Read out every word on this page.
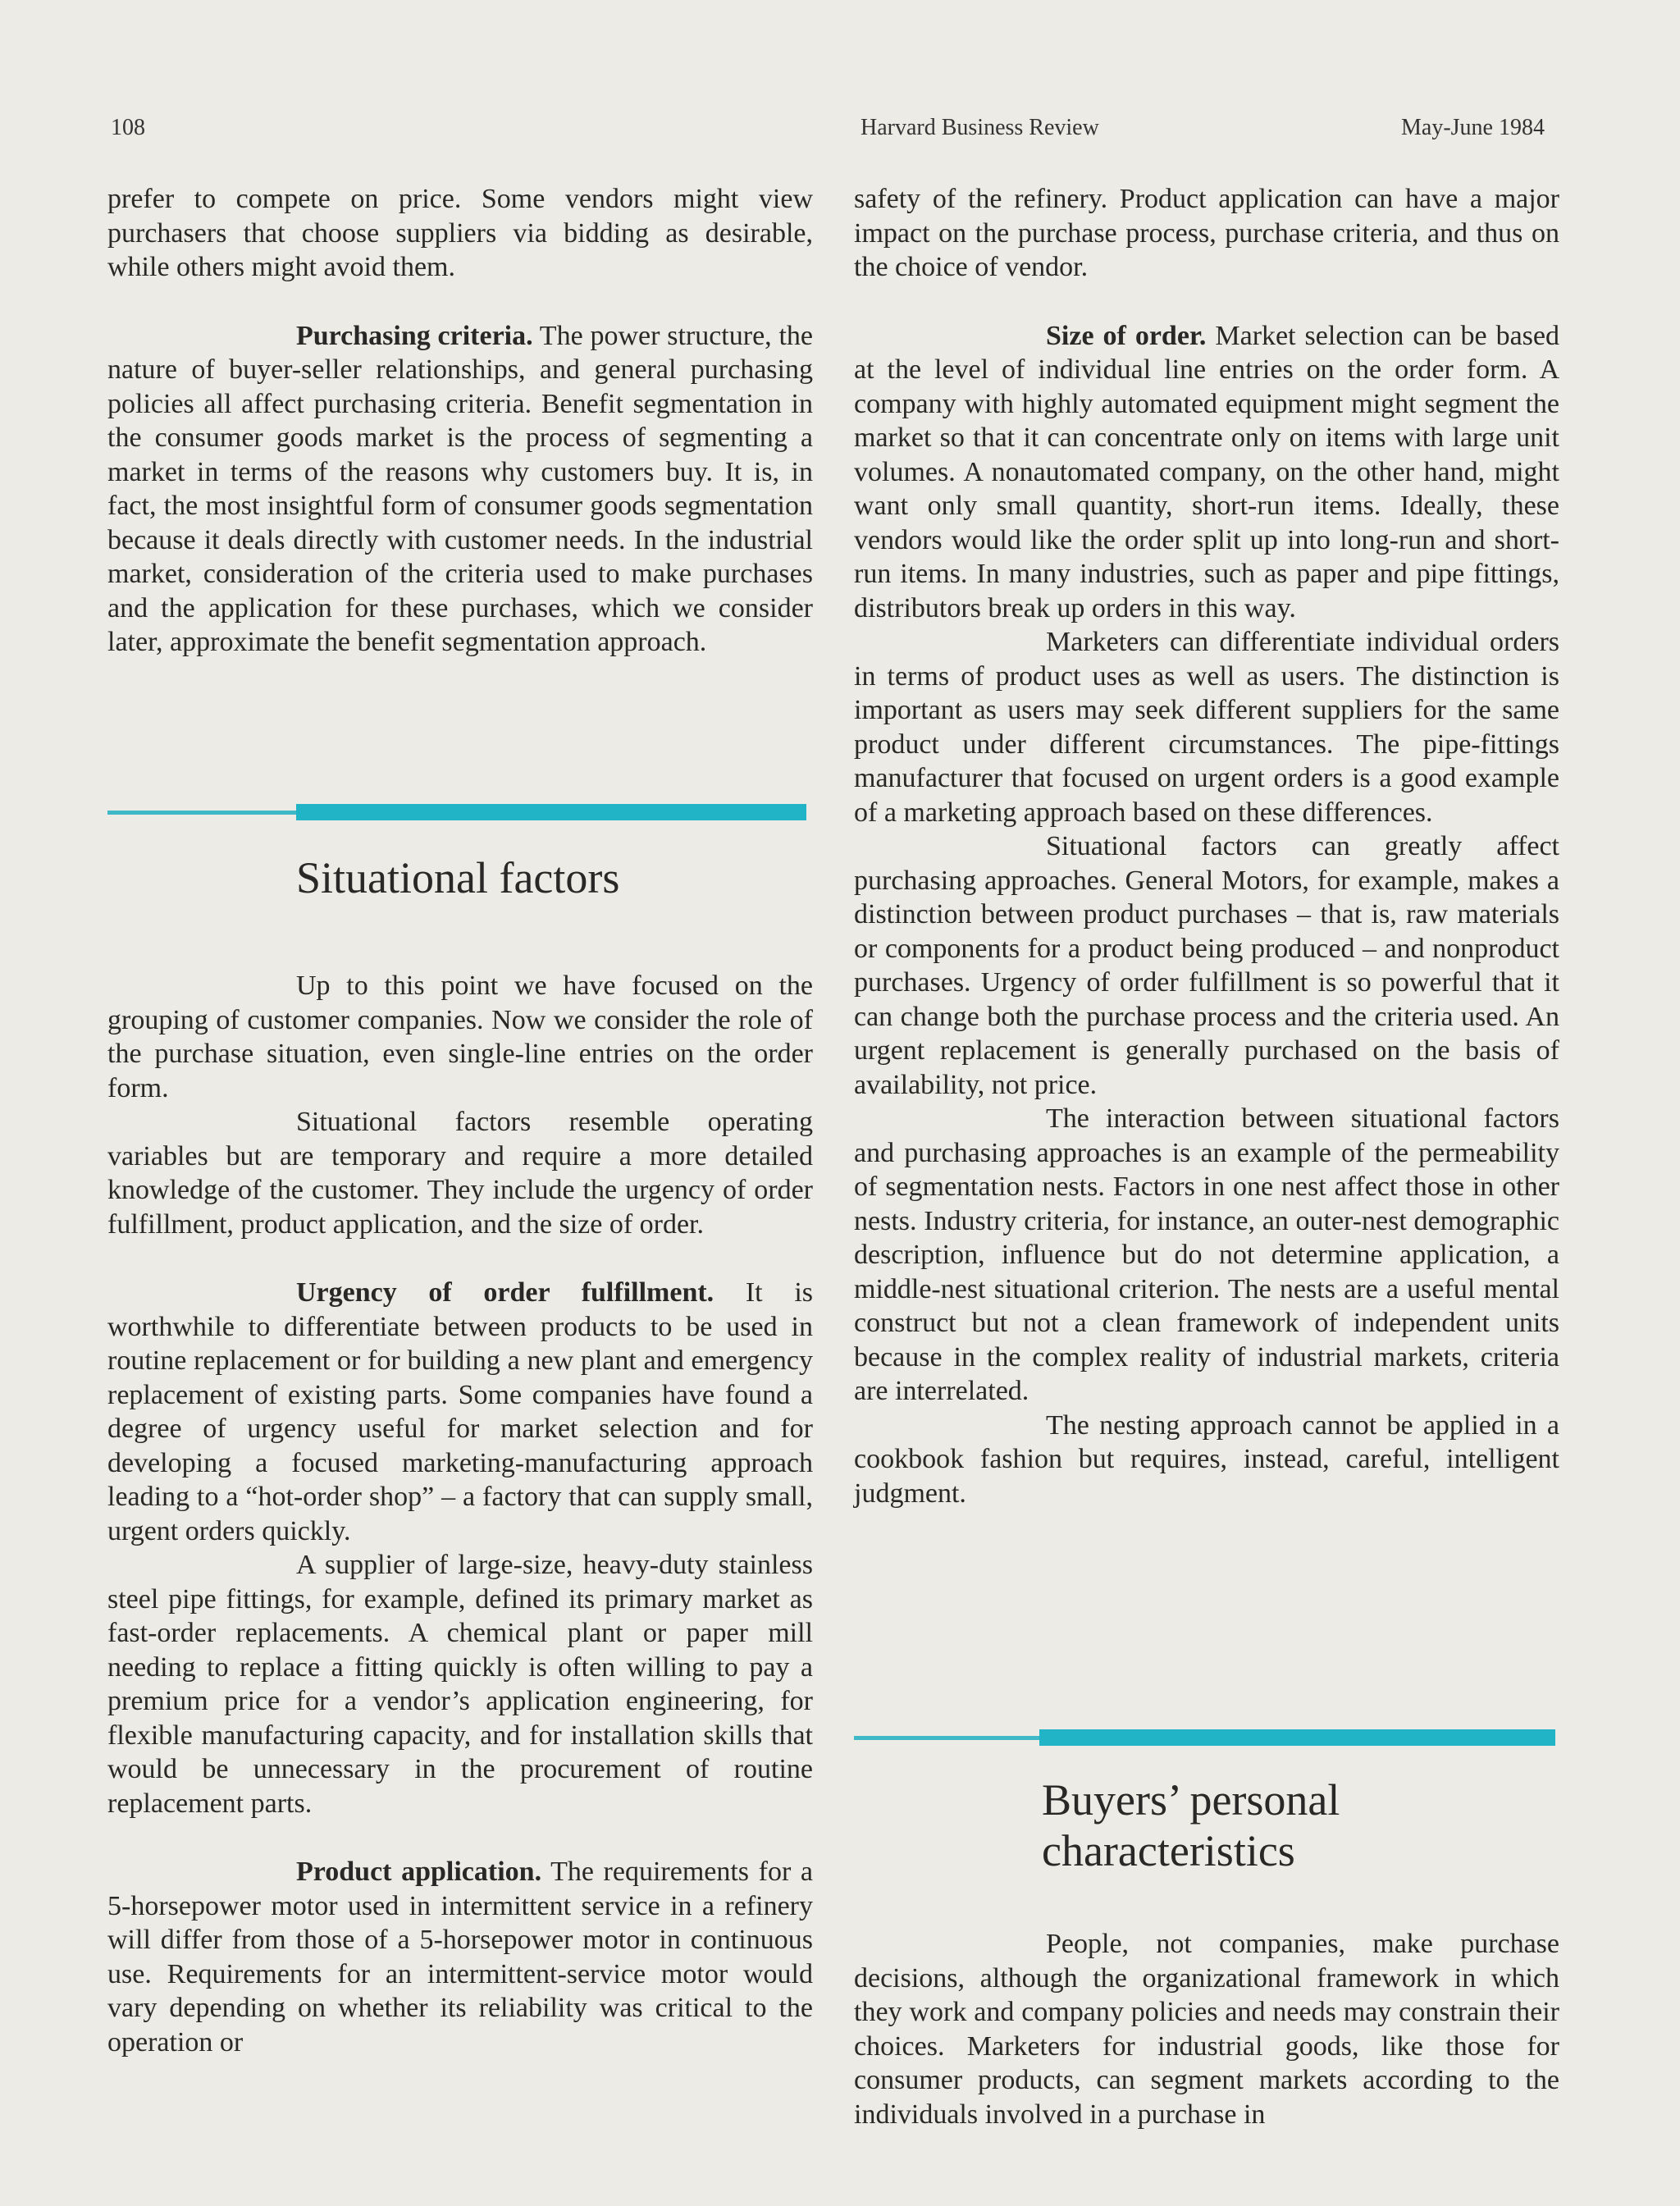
108	Harvard Business Review	May-June 1984

prefer to compete on price. Some vendors might view purchasers that choose suppliers via bidding as desirable, while others might avoid them.

Purchasing criteria. The power structure, the nature of buyer-seller relationships, and general purchasing policies all affect purchasing criteria. Benefit segmentation in the consumer goods market is the process of segmenting a market in terms of the reasons why customers buy. It is, in fact, the most insightful form of consumer goods segmentation because it deals directly with customer needs. In the industrial market, consideration of the criteria used to make purchases and the application for these purchases, which we consider later, approximate the benefit segmentation approach.

Situational factors

Up to this point we have focused on the grouping of customer companies. Now we consider the role of the purchase situation, even single-line entries on the order form.

Situational factors resemble operating variables but are temporary and require a more detailed knowledge of the customer. They include the urgency of order fulfillment, product application, and the size of order.

Urgency of order fulfillment. It is worthwhile to differentiate between products to be used in routine replacement or for building a new plant and emergency replacement of existing parts. Some companies have found a degree of urgency useful for market selection and for developing a focused marketing-manufacturing approach leading to a “hot-order shop” – a factory that can supply small, urgent orders quickly.

A supplier of large-size, heavy-duty stainless steel pipe fittings, for example, defined its primary market as fast-order replacements. A chemical plant or paper mill needing to replace a fitting quickly is often willing to pay a premium price for a vendor’s application engineering, for flexible manufacturing capacity, and for installation skills that would be unnecessary in the procurement of routine replacement parts.

Product application. The requirements for a 5-horsepower motor used in intermittent service in a refinery will differ from those of a 5-horsepower motor in continuous use. Requirements for an intermittent-service motor would vary depending on whether its reliability was critical to the operation or

safety of the refinery. Product application can have a major impact on the purchase process, purchase criteria, and thus on the choice of vendor.

Size of order. Market selection can be based at the level of individual line entries on the order form. A company with highly automated equipment might segment the market so that it can concentrate only on items with large unit volumes. A nonautomated company, on the other hand, might want only small quantity, short-run items. Ideally, these vendors would like the order split up into long-run and short-run items. In many industries, such as paper and pipe fittings, distributors break up orders in this way.

Marketers can differentiate individual orders in terms of product uses as well as users. The distinction is important as users may seek different suppliers for the same product under different circumstances. The pipe-fittings manufacturer that focused on urgent orders is a good example of a marketing approach based on these differences.

Situational factors can greatly affect purchasing approaches. General Motors, for example, makes a distinction between product purchases – that is, raw materials or components for a product being produced – and nonproduct purchases. Urgency of order fulfillment is so powerful that it can change both the purchase process and the criteria used. An urgent replacement is generally purchased on the basis of availability, not price.

The interaction between situational factors and purchasing approaches is an example of the permeability of segmentation nests. Factors in one nest affect those in other nests. Industry criteria, for instance, an outer-nest demographic description, influence but do not determine application, a middle-nest situational criterion. The nests are a useful mental construct but not a clean framework of independent units because in the complex reality of industrial markets, criteria are interrelated.

The nesting approach cannot be applied in a cookbook fashion but requires, instead, careful, intelligent judgment.

Buyers’ personal
characteristics

People, not companies, make purchase decisions, although the organizational framework in which they work and company policies and needs may constrain their choices. Marketers for industrial goods, like those for consumer products, can segment markets according to the individuals involved in a purchase in
